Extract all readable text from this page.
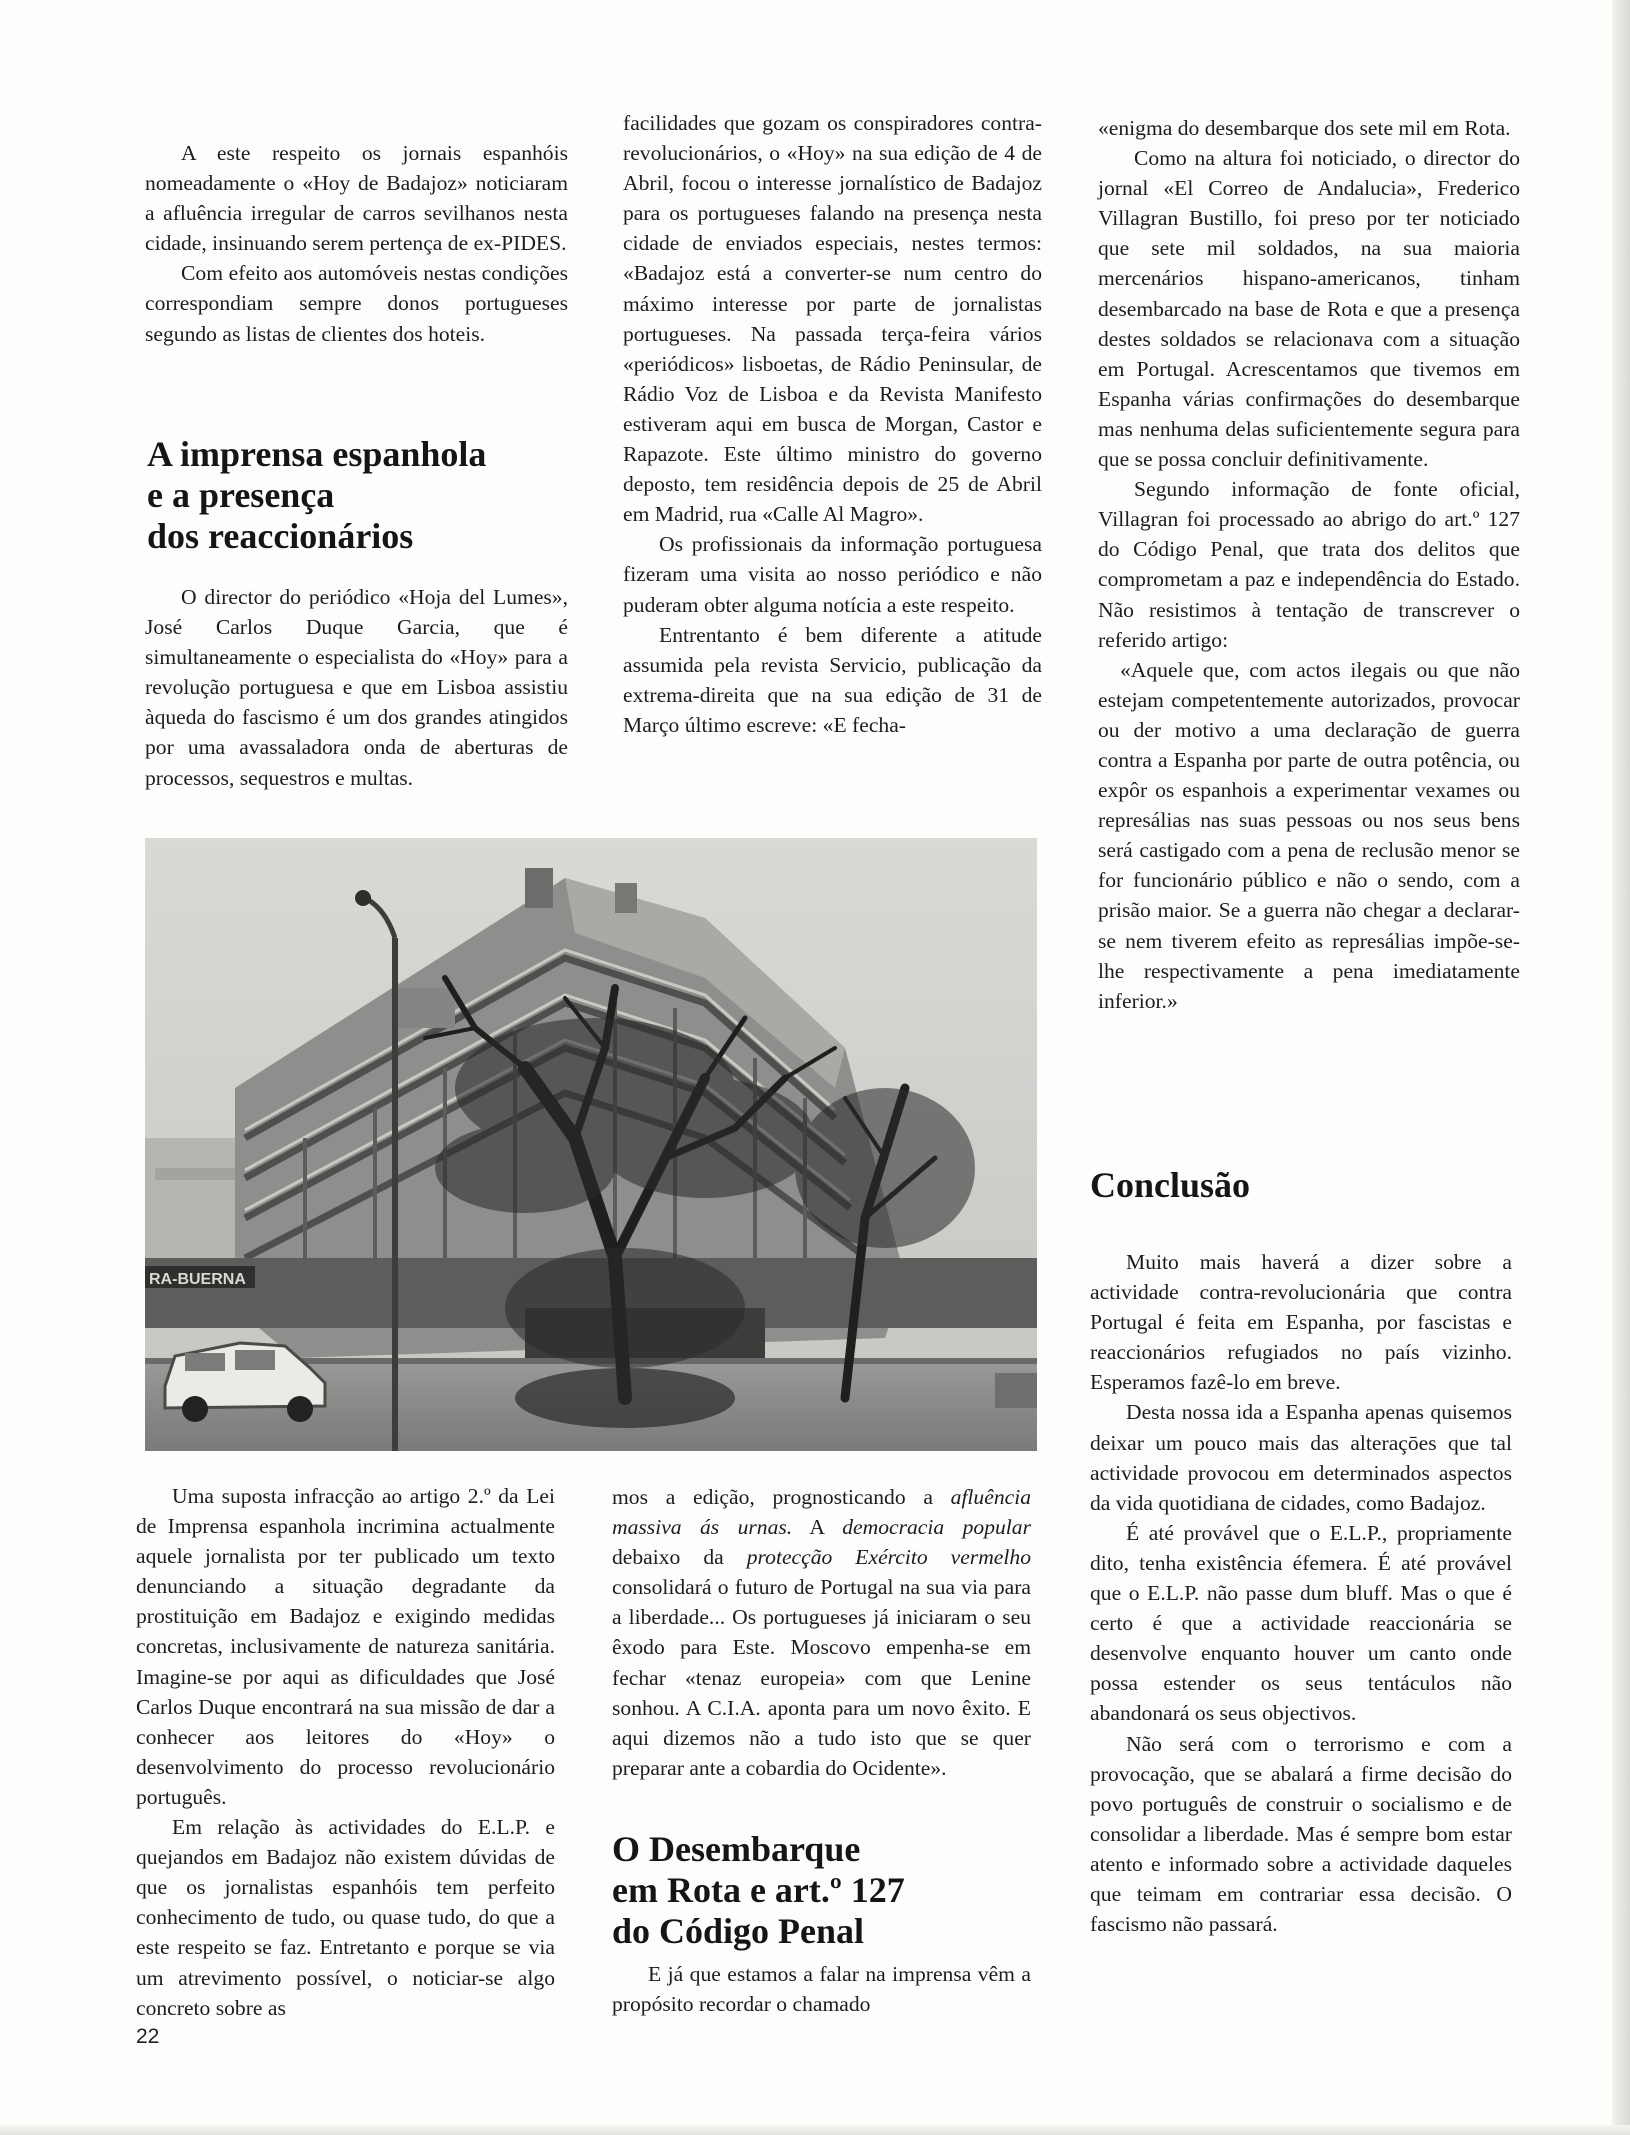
A este respeito os jornais espanhóis nomeadamente o «Hoy de Badajoz» noticiaram a afluência irregular de carros sevilhanos nesta cidade, insinuando serem pertença de ex-PIDES.

Com efeito aos automóveis nestas condições correspondiam sempre donos portugueses segundo as listas de clientes dos hoteis.

A imprensa espanhola
e a presença
dos reaccionários

O director do periódico «Hoja del Lumes», José Carlos Duque Garcia, que é simultaneamente o especialista do «Hoy» para a revolução portuguesa e que em Lisboa assistiu àqueda do fascismo é um dos grandes atingidos por uma avassaladora onda de aberturas de processos, sequestros e multas.

facilidades que gozam os conspiradores contra-revolucionários, o «Hoy» na sua edição de 4 de Abril, focou o interesse jornalístico de Badajoz para os portugueses falando na presença nesta cidade de enviados especiais, nestes termos: «Badajoz está a converter-se num centro do máximo interesse por parte de jornalistas portugueses. Na passada terça-feira vários «periódicos» lisboetas, de Rádio Peninsular, de Rádio Voz de Lisboa e da Revista Manifesto estiveram aqui em busca de Morgan, Castor e Rapazote. Este último ministro do governo deposto, tem residência depois de 25 de Abril em Madrid, rua «Calle Al Magro».

Os profissionais da informação portuguesa fizeram uma visita ao nosso periódico e não puderam obter alguma notícia a este respeito.

Entrentanto é bem diferente a atitude assumida pela revista Servicio, publicação da extrema-direita que na sua edição de 31 de Março último escreve: «E fecha-

RA-BUERNA

Uma suposta infracção ao artigo 2.º da Lei de Imprensa espanhola incrimina actualmente aquele jornalista por ter publicado um texto denunciando a situação degradante da prostituição em Badajoz e exigindo medidas concretas, inclusivamente de natureza sanitária. Imagine-se por aqui as dificuldades que José Carlos Duque encontrará na sua missão de dar a conhecer aos leitores do «Hoy» o desenvolvimento do processo revolucionário português.

Em relação às actividades do E.L.P. e quejandos em Badajoz não existem dúvidas de que os jornalistas espanhóis tem perfeito conhecimento de tudo, ou quase tudo, do que a este respeito se faz. Entretanto e porque se via um atrevimento possível, o noticiar-se algo concreto sobre as

mos a edição, prognosticando a afluência massiva ás urnas. A democracia popular debaixo da protecção Exército vermelho consolidará o futuro de Portugal na sua via para a liberdade... Os portugueses já iniciaram o seu êxodo para Este. Moscovo empenha-se em fechar «tenaz europeia» com que Lenine sonhou. A C.I.A. aponta para um novo êxito. E aqui dizemos não a tudo isto que se quer preparar ante a cobardia do Ocidente».

O Desembarque
em Rota e art.º 127
do Código Penal

E já que estamos a falar na imprensa vêm a propósito recordar o chamado

«enigma do desembarque dos sete mil em Rota.

Como na altura foi noticiado, o director do jornal «El Correo de Andalucia», Frederico Villagran Bustillo, foi preso por ter noticiado que sete mil soldados, na sua maioria mercenários hispano-americanos, tinham desembarcado na base de Rota e que a presença destes soldados se relacionava com a situação em Portugal. Acrescentamos que tivemos em Espanha várias confirmações do desembarque mas nenhuma delas suficientemente segura para que se possa concluir definitivamente.

Segundo informação de fonte oficial, Villagran foi processado ao abrigo do art.º 127 do Código Penal, que trata dos delitos que comprometam a paz e independência do Estado. Não resistimos à tentação de transcrever o referido artigo:

«Aquele que, com actos ilegais ou que não estejam competentemente autorizados, provocar ou der motivo a uma declaração de guerra contra a Espanha por parte de outra potência, ou expôr os espanhois a experimentar vexames ou represálias nas suas pessoas ou nos seus bens será castigado com a pena de reclusão menor se for funcionário público e não o sendo, com a prisão maior. Se a guerra não chegar a declarar-se nem tiverem efeito as represálias impõe-se-lhe respectivamente a pena imediatamente inferior.»

Conclusão

Muito mais haverá a dizer sobre a actividade contra-revolucionária que contra Portugal é feita em Espanha, por fascistas e reaccionários refugiados no país vizinho. Esperamos fazê-lo em breve.

Desta nossa ida a Espanha apenas quisemos deixar um pouco mais das alteraçōes que tal actividade provocou em determinados aspectos da vida quotidiana de cidades, como Badajoz.

É até provável que o E.L.P., propriamente dito, tenha existência éfemera. É até provável que o E.L.P. não passe dum bluff. Mas o que é certo é que a actividade reaccionária se desenvolve enquanto houver um canto onde possa estender os seus tentáculos não abandonará os seus objectivos.

Não será com o terrorismo e com a provocação, que se abalará a firme decisão do povo português de construir o socialismo e de consolidar a liberdade. Mas é sempre bom estar atento e informado sobre a actividade daqueles que teimam em contrariar essa decisão. O fascismo não passará.

22
